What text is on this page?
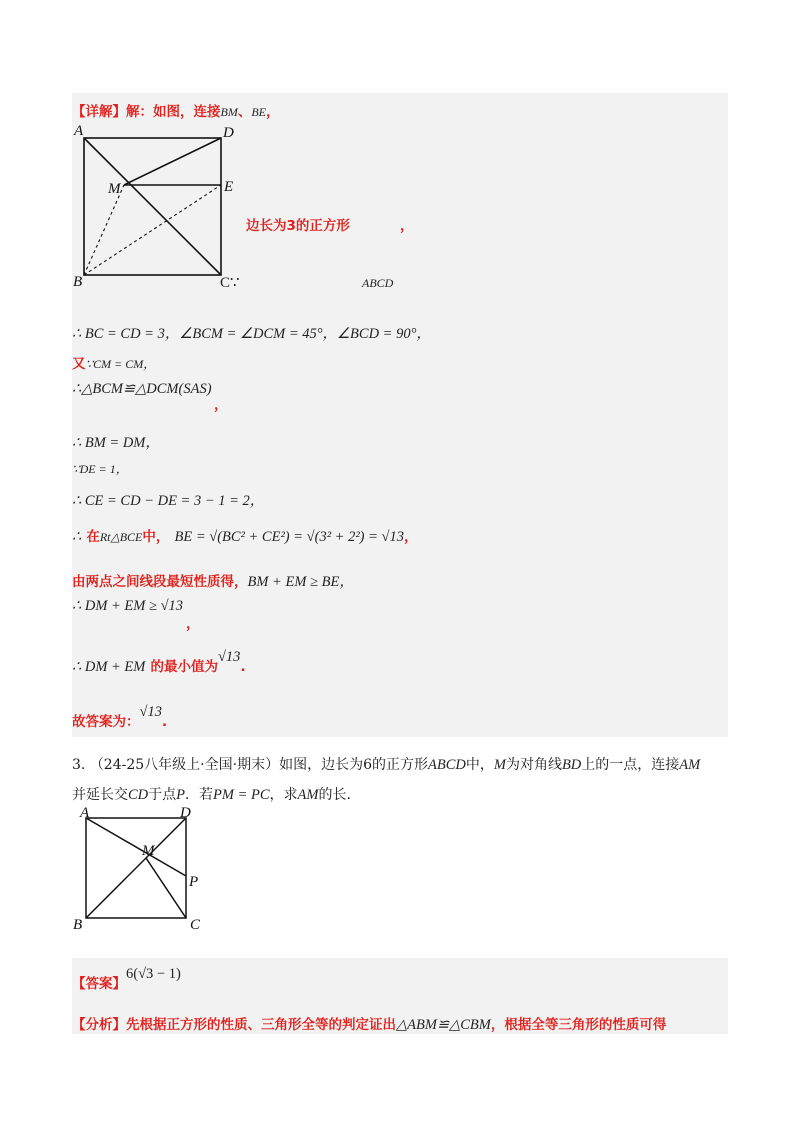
【详解】解：如图，连接BM、BE，
A	D
M	E
B	C∵
边长为3的正方形	，
ABCD
∴ BC = CD = 3，∠BCM = ∠DCM = 45°，∠BCD = 90°，
又∵CM = CM，
∴△BCM≌△DCM(SAS)
，
∴ BM = DM，
∵DE = 1，
∴ CE = CD − DE = 3 − 1 = 2，
∴ 在Rt△BCE中， BE = √(BC² + CE²) = √(3² + 2²) = √13，
由两点之间线段最短性质得，BM + EM ≥ BE，
∴ DM + EM ≥ √13
，
∴ DM + EM 的最小值为√13.
故答案为：√13.
3. （24-25八年级上·全国·期末）如图，边长为6的正方形ABCD中，M为对角线BD上的一点，连接AM
并延长交CD于点P．若PM = PC，求AM的长.
A	D
M
P
B	C
【答案】6(√3 − 1)
【分析】先根据正方形的性质、三角形全等的判定证出△ABM≌△CBM，根据全等三角形的性质可得
